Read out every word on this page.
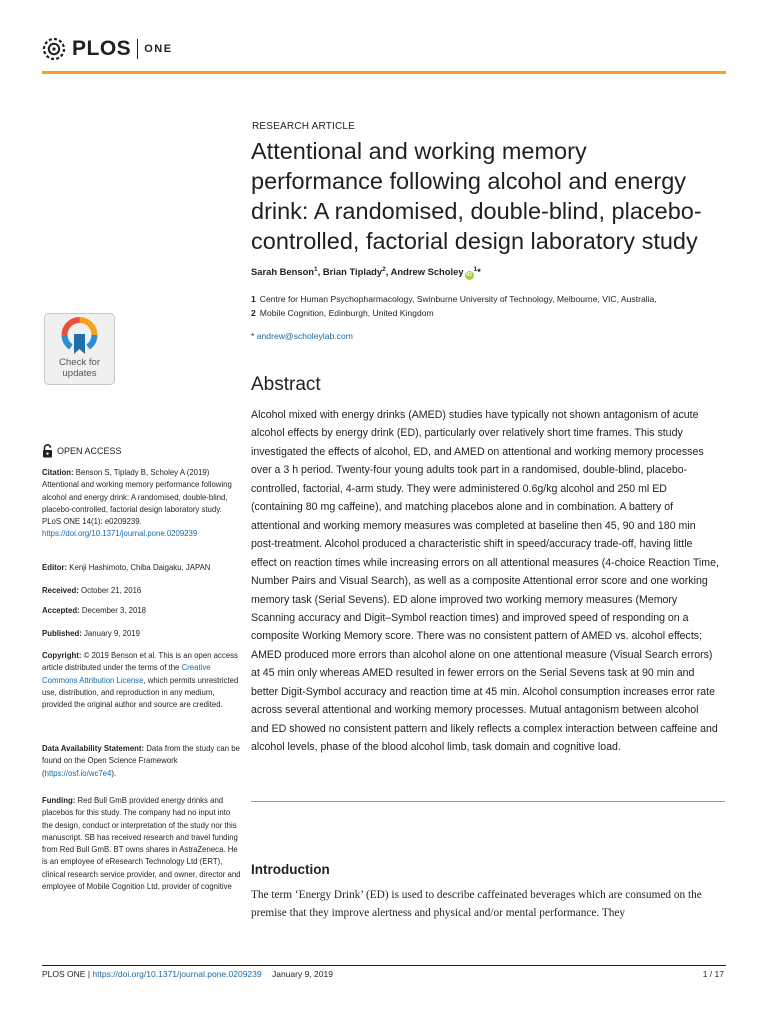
PLOS ONE
RESEARCH ARTICLE
Attentional and working memory performance following alcohol and energy drink: A randomised, double-blind, placebo-controlled, factorial design laboratory study
Sarah Benson$^1$, Brian Tiplady$^2$, Andrew Scholey $iD^1*$
1 Centre for Human Psychopharmacology, Swinburne University of Technology, Melbourne, VIC, Australia,
2 Mobile Cognition, Edinburgh, United Kingdom
* andrew@scholeylab.com
Abstract
Alcohol mixed with energy drinks (AMED) studies have typically not shown antagonism of acute alcohol effects by energy drink (ED), particularly over relatively short time frames. This study investigated the effects of alcohol, ED, and AMED on attentional and working memory processes over a 3 h period. Twenty-four young adults took part in a randomised, double-blind, placebo-controlled, factorial, 4-arm study. They were administered 0.6g/kg alcohol and 250 ml ED (containing 80 mg caffeine), and matching placebos alone and in combination. A battery of attentional and working memory measures was completed at baseline then 45, 90 and 180 min post-treatment. Alcohol produced a characteristic shift in speed/accuracy trade-off, having little effect on reaction times while increasing errors on all attentional measures (4-choice Reaction Time, Number Pairs and Visual Search), as well as a composite Attentional error score and one working memory task (Serial Sevens). ED alone improved two working memory measures (Memory Scanning accuracy and Digit–Symbol reaction times) and improved speed of responding on a composite Working Memory score. There was no consistent pattern of AMED vs. alcohol effects; AMED produced more errors than alcohol alone on one attentional measure (Visual Search errors) at 45 min only whereas AMED resulted in fewer errors on the Serial Sevens task at 90 min and better Digit-Symbol accuracy and reaction time at 45 min. Alcohol consumption increases error rate across several attentional and working memory processes. Mutual antagonism between alcohol and ED showed no consistent pattern and likely reflects a complex interaction between caffeine and alcohol levels, phase of the blood alcohol limb, task domain and cognitive load.
Introduction
The term ‘Energy Drink’ (ED) is used to describe caffeinated beverages which are consumed on the premise that they improve alertness and physical and/or mental performance. They
Check for
updates
OPEN ACCESS
Citation: Benson S, Tiplady B, Scholey A (2019) Attentional and working memory performance following alcohol and energy drink: A randomised, double-blind, placebo-controlled, factorial design laboratory study. PLoS ONE 14(1): e0209239. https://doi.org/10.1371/journal.pone.0209239
Editor: Kenji Hashimoto, Chiba Daigaku, JAPAN
Received: October 21, 2016
Accepted: December 3, 2018
Published: January 9, 2019
Copyright: © 2019 Benson et al. This is an open access article distributed under the terms of the Creative Commons Attribution License, which permits unrestricted use, distribution, and reproduction in any medium, provided the original author and source are credited.
Data Availability Statement: Data from the study can be found on the Open Science Framework (https://osf.io/wc7e4).
Funding: Red Bull GmB provided energy drinks and placebos for this study. The company had no input into the design, conduct or interpretation of the study nor this manuscript. SB has received research and travel funding from Red Bull GmB. BT owns shares in AstraZeneca. He is an employee of eResearch Technology Ltd (ERT), clinical research service provider, and owner, director and employee of Mobile Cognition Ltd, provider of cognitive
PLOS ONE | https://doi.org/10.1371/journal.pone.0209239 January 9, 2019	1 / 17
